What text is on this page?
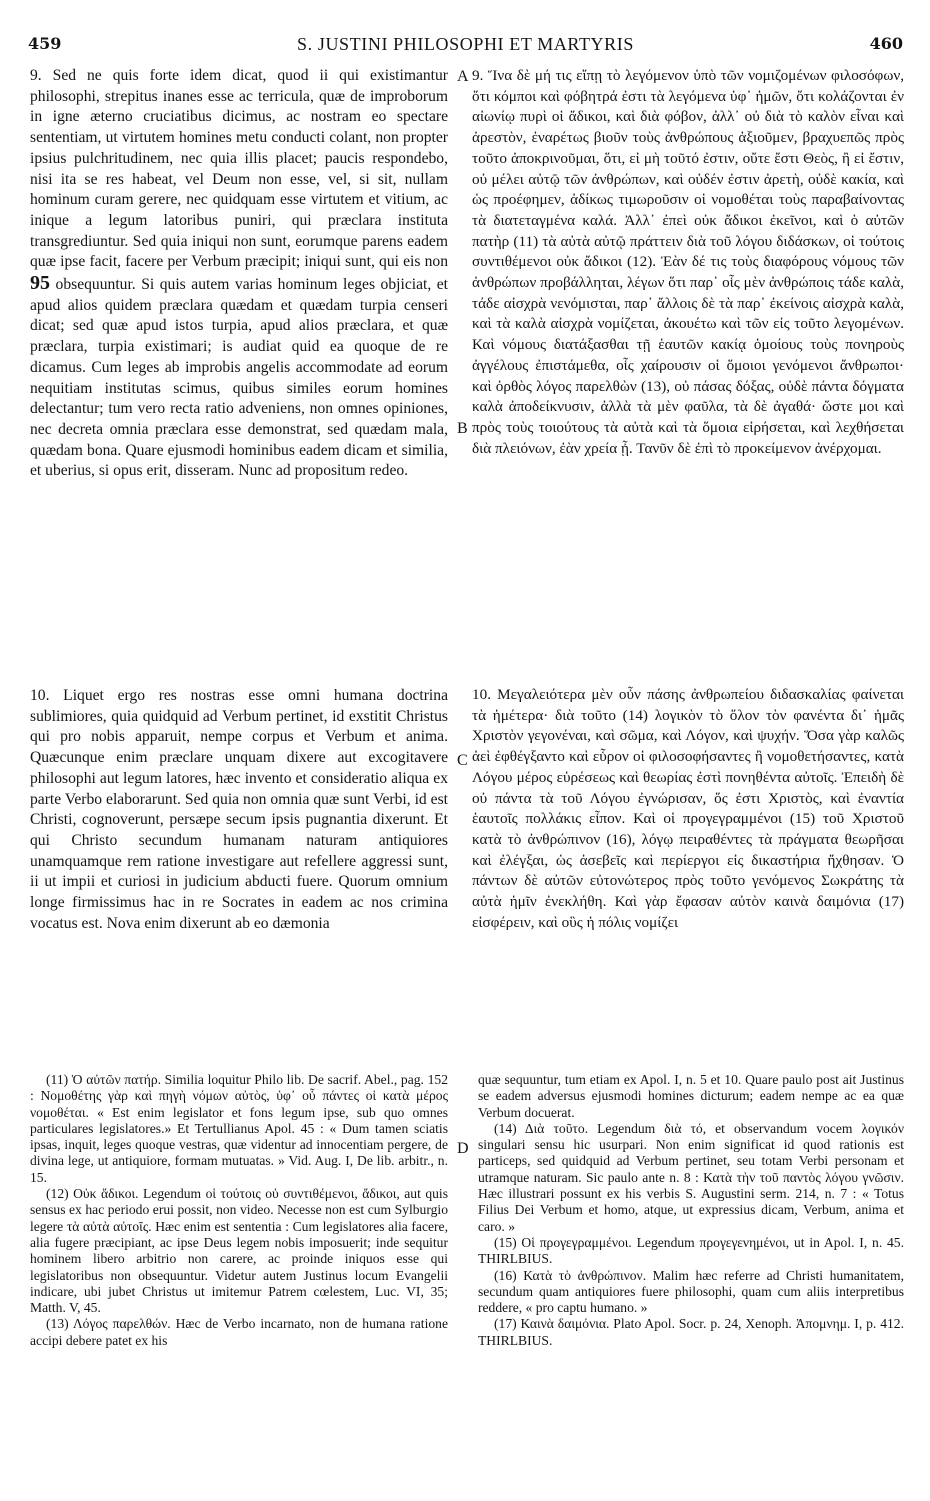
459	S. JUSTINI PHILOSOPHI ET MARTYRIS	460

9. Sed ne quis forte idem dicat, quod ii qui existimantur philosophi, strepitus inanes esse ac terricula, quæ de improborum in igne æterno cruciatibus dicimus, ac nostram eo spectare sententiam, ut virtutem homines metu conducti colant, non propter ipsius pulchritudinem, nec quia illis placet; paucis respondebo, nisi ita se res habeat, vel Deum non esse, vel, si sit, nullam hominum curam gerere, nec quidquam esse virtutem et vitium, ac inique a legum latoribus puniri, qui præclara instituta transgrediuntur. Sed quia iniqui non sunt, eorumque parens eadem quæ ipse facit, facere per Verbum præcipit; iniqui sunt, qui eis non 95 obsequuntur. Si quis autem varias hominum leges objiciat, et apud alios quidem præclara quædam et quædam turpia censeri dicat; sed quæ apud istos turpia, apud alios præclara, et quæ præclara, turpia existimari; is audiat quid ea quoque de re dicamus. Cum leges ab improbis angelis accommodate ad eorum nequitiam institutas scimus, quibus similes eorum homines delectantur; tum vero recta ratio adveniens, non omnes opiniones, nec decreta omnia præclara esse demonstrat, sed quædam mala, quædam bona. Quare ejusmodi hominibus eadem dicam et similia, et uberius, si opus erit, disseram. Nunc ad propositum redeo.

10. Liquet ergo res nostras esse omni humana doctrina sublimiores, quia quidquid ad Verbum pertinet, id exstitit Christus qui pro nobis apparuit, nempe corpus et Verbum et anima. Quæcunque enim præclare unquam dixere aut excogitavere philosophi aut legum latores, hæc invento et consideratio aliqua ex parte Verbo elaborarunt. Sed quia non omnia quæ sunt Verbi, id est Christi, cognoverunt, persæpe secum ipsis pugnantia dixerunt. Et qui Christo secundum humanam naturam antiquiores unamquamque rem ratione investigare aut refellere aggressi sunt, ii ut impii et curiosi in judicium abducti fuere. Quorum omnium longe firmissimus hac in re Socrates in eadem ac nos crimina vocatus est. Nova enim dixerunt ab eo dæmonia

9. Ἵνα δὲ μή τις εἴπῃ τὸ λεγόμενον ὑπὸ τῶν νομιζομένων φιλοσόφων, ὅτι κόμποι καὶ φόβητρά ἐστι τὰ λεγόμενα ὑφ᾽ ἡμῶν, ὅτι κολάζονται ἐν αἰωνίῳ πυρὶ οἱ ἄδικοι, καὶ διὰ φόβον, ἀλλ᾽ οὐ διὰ τὸ καλὸν εἶναι καὶ ἀρεστὸν, ἐναρέτως βιοῦν τοὺς ἀνθρώπους ἀξιοῦμεν, βραχυεπῶς πρὸς τοῦτο ἀποκρινοῦμαι, ὅτι, εἰ μὴ τοῦτό ἐστιν, οὔτε ἔστι Θεὸς, ἢ εἰ ἔστιν, οὐ μέλει αὐτῷ τῶν ἀνθρώπων, καὶ οὐδέν ἐστιν ἀρετὴ, οὐδὲ κακία, καὶ ὡς προέφημεν, ἀδίκως τιμωροῦσιν οἱ νομοθέται τοὺς παραβαίνοντας τὰ διατεταγμένα καλά. Ἀλλ᾽ ἐπεὶ οὐκ ἄδικοι ἐκεῖνοι, καὶ ὁ αὐτῶν πατὴρ (11) τὰ αὐτὰ αὐτῷ πράττειν διὰ τοῦ λόγου διδάσκων, οἱ τούτοις συντιθέμενοι οὐκ ἄδικοι (12). Ἐὰν δέ τις τοὺς διαφόρους νόμους τῶν ἀνθρώπων προβάλληται, λέγων ὅτι παρ᾽ οἷς μὲν ἀνθρώποις τάδε καλὰ, τάδε αἰσχρὰ νενόμισται, παρ᾽ ἄλλοις δὲ τὰ παρ᾽ ἐκείνοις αἰσχρὰ καλὰ, καὶ τὰ καλὰ αἰσχρὰ νομίζεται, ἀκουέτω καὶ τῶν εἰς τοῦτο λεγομένων. Καὶ νόμους διατάξασθαι τῇ ἑαυτῶν κακίᾳ ὁμοίους τοὺς πονηροὺς ἀγγέλους ἐπιστάμεθα, οἷς χαίρουσιν οἱ ὅμοιοι γενόμενοι ἄνθρωποι· καὶ ὀρθὸς λόγος παρελθὼν (13), οὐ πάσας δόξας, οὐδὲ πάντα δόγματα καλὰ ἀποδείκνυσιν, ἀλλὰ τὰ μὲν φαῦλα, τὰ δὲ ἀγαθά· ὥστε μοι καὶ πρὸς τοὺς τοιούτους τὰ αὐτὰ καὶ τὰ ὅμοια εἰρήσεται, καὶ λεχθήσεται διὰ πλειόνων, ἐὰν χρεία ᾖ. Τανῦν δὲ ἐπὶ τὸ προκείμενον ἀνέρχομαι.

10. Μεγαλειότερα μὲν οὖν πάσης ἀνθρωπείου διδασκαλίας φαίνεται τὰ ἡμέτερα· διὰ τοῦτο (14) λογικὸν τὸ ὅλον τὸν φανέντα δι᾽ ἡμᾶς Χριστὸν γεγονέναι, καὶ σῶμα, καὶ Λόγον, καὶ ψυχήν. Ὅσα γὰρ καλῶς ἀεὶ ἐφθέγξαντο καὶ εὗρον οἱ φιλοσοφήσαντες ἢ νομοθετήσαντες, κατὰ Λόγου μέρος εὑρέσεως καὶ θεωρίας ἐστὶ πονηθέντα αὐτοῖς. Ἐπειδὴ δὲ οὐ πάντα τὰ τοῦ Λόγου ἐγνώρισαν, ὅς ἐστι Χριστὸς, καὶ ἐναντία ἑαυτοῖς πολλάκις εἶπον. Καὶ οἱ προγεγραμμένοι (15) τοῦ Χριστοῦ κατὰ τὸ ἀνθρώπινον (16), λόγῳ πειραθέντες τὰ πράγματα θεωρῆσαι καὶ ἐλέγξαι, ὡς ἀσεβεῖς καὶ περίεργοι εἰς δικαστήρια ἤχθησαν. Ὁ πάντων δὲ αὐτῶν εὐτονώτερος πρὸς τοῦτο γενόμενος Σωκράτης τὰ αὐτὰ ἡμῖν ἐνεκλήθη. Καὶ γὰρ ἔφασαν αὐτὸν καινὰ δαιμόνια (17) εἰσφέρειν, καὶ οὓς ἡ πόλις νομίζει

A
B
C
D

(11) Ὁ αὐτῶν πατήρ. Similia loquitur Philo lib. De sacrif. Abel., pag. 152 : Νομοθέτης γὰρ καὶ πηγὴ νόμων αὐτὸς, ὑφ᾽ οὗ πάντες οἱ κατὰ μέρος νομοθέται. « Est enim legislator et fons legum ipse, sub quo omnes particulares legislatores.» Et Tertullianus Apol. 45 : « Dum tamen sciatis ipsas, inquit, leges quoque vestras, quæ videntur ad innocentiam pergere, de divina lege, ut antiquiore, formam mutuatas. » Vid. Aug. I, De lib. arbitr., n. 15.

(12) Οὐκ ἄδικοι. Legendum οἱ τούτοις οὐ συντιθέμενοι, ἄδικοι, aut quis sensus ex hac periodo erui possit, non video. Necesse non est cum Sylburgio legere τὰ αὐτὰ αὐτοῖς. Hæc enim est sententia : Cum legislatores alia facere, alia fugere præcipiant, ac ipse Deus legem nobis imposuerit; inde sequitur hominem libero arbitrio non carere, ac proinde iniquos esse qui legislatoribus non obsequuntur. Videtur autem Justinus locum Evangelii indicare, ubi jubet Christus ut imitemur Patrem cœlestem, Luc. VI, 35; Matth. V, 45.

(13) Λόγος παρελθών. Hæc de Verbo incarnato, non de humana ratione accipi debere patet ex his

quæ sequuntur, tum etiam ex Apol. I, n. 5 et 10. Quare paulo post ait Justinus se eadem adversus ejusmodi homines dicturum; eadem nempe ac ea quæ Verbum docuerat.

(14) Διὰ τοῦτο. Legendum διὰ τό, et observandum vocem λογικόν singulari sensu hic usurpari. Non enim significat id quod rationis est particeps, sed quidquid ad Verbum pertinet, seu totam Verbi personam et utramque naturam. Sic paulo ante n. 8 : Κατὰ τὴν τοῦ παντὸς λόγου γνῶσιν. Hæc illustrari possunt ex his verbis S. Augustini serm. 214, n. 7 : « Totus Filius Dei Verbum et homo, atque, ut expressius dicam, Verbum, anima et caro. »

(15) Οἱ προγεγραμμένοι. Legendum προγεγενημένοι, ut in Apol. I, n. 45. THIRLBIUS.

(16) Κατὰ τὸ ἀνθρώπινον. Malim hæc referre ad Christi humanitatem, secundum quam antiquiores fuere philosophi, quam cum aliis interpretibus reddere, « pro captu humano. »

(17) Καινὰ δαιμόνια. Plato Apol. Socr. p. 24, Xenoph. Ἀπομνημ. I, p. 412. THIRLBIUS.
